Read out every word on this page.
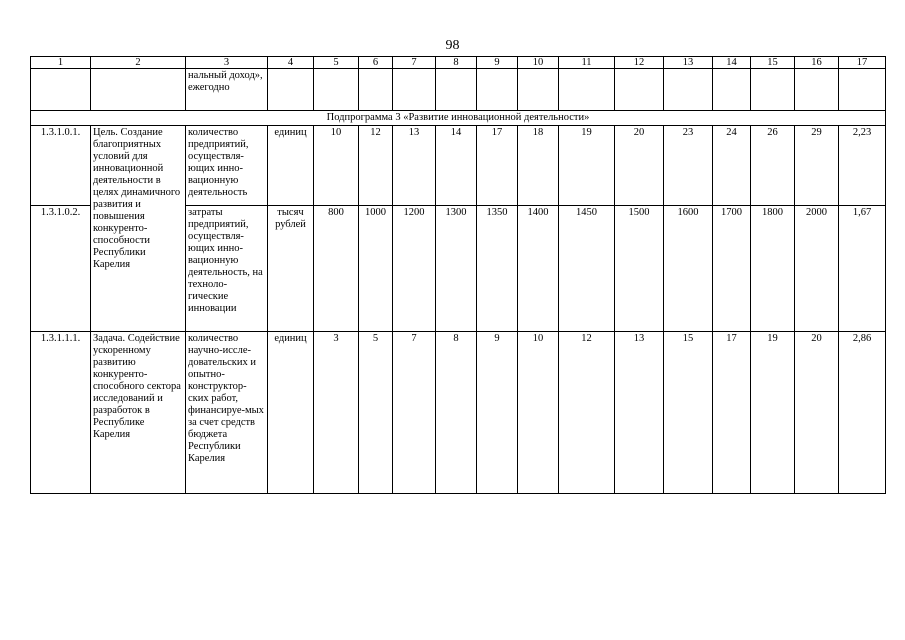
98
1	2	3	4	5	6	7	8	9	10	11	12	13	14	15	16	17
		нальный доход», ежегодно														
Подпрограмма 3 «Развитие инновационной деятельности»																
1.3.1.0.1.	Цель. Создание благоприятных условий для инновационной деятельности в целях динамичного развития и повышения конкуренто-способности Республики Карелия	количество предприятий, осуществля-ющих инно-вационную деятельность	единиц	10	12	13	14	17	18	19	20	23	24	26	29	2,23
1.3.1.0.2.		затраты предприятий, осуществля-ющих инно-вационную деятельность, на техноло-гические инновации	тысяч рублей	800	1000	1200	1300	1350	1400	1450	1500	1600	1700	1800	2000	1,67
1.3.1.1.1.	Задача. Содействие ускоренному развитию конкуренто-способного сектора исследований и разработок в Республике Карелия	количество научно-иссле-довательских и опытно-конструктор-ских работ, финансируе-мых за счет средств бюджета Республики Карелия	единиц	3	5	7	8	9	10	12	13	15	17	19	20	2,86
